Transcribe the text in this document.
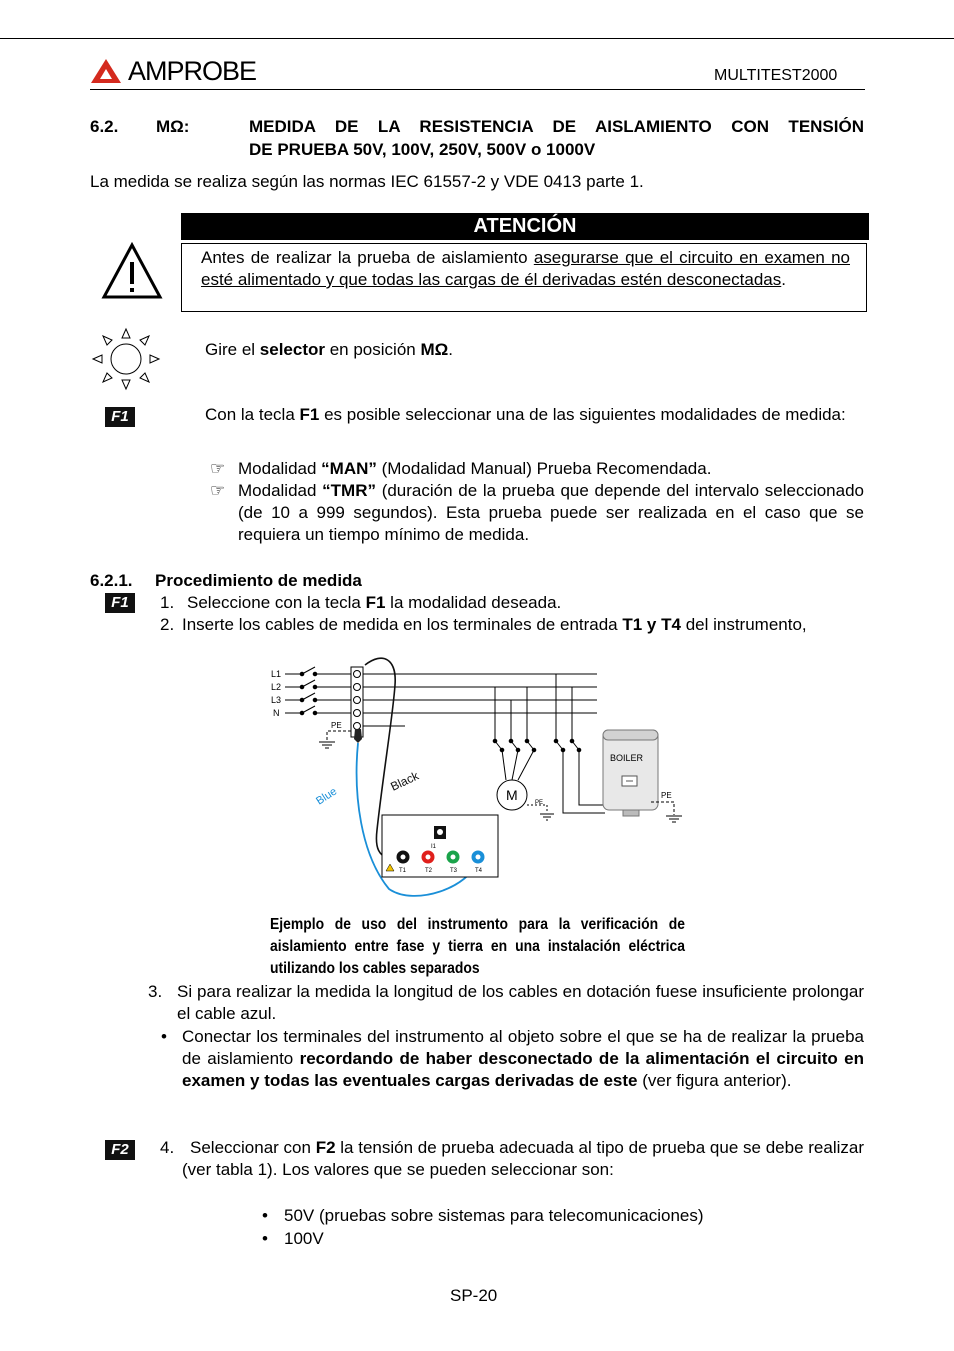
AMPROBE	MULTITEST2000
6.2. MΩ:	MEDIDA DE LA RESISTENCIA DE AISLAMIENTO CON TENSIÓN
DE PRUEBA 50V, 100V, 250V, 500V o 1000V
La medida se realiza según las normas IEC 61557-2 y VDE 0413 parte 1.
ATENCIÓN
Antes de realizar la prueba de aislamiento asegurarse que el circuito en examen no esté alimentado y que todas las cargas de él derivadas estén desconectadas.
Gire el selector en posición MΩ.
F1	Con la tecla F1 es posible seleccionar una de las siguientes modalidades de medida:
☞ Modalidad “MAN” (Modalidad Manual) Prueba Recomendada.
☞ Modalidad “TMR” (duración de la prueba que depende del intervalo seleccionado (de 10 a 999 segundos). Esta prueba puede ser realizada en el caso que se requiera un tiempo mínimo de medida.
6.2.1. Procedimiento de medida
F1	1. Seleccione con la tecla F1 la modalidad deseada.
2. Inserte los cables de medida en los terminales de entrada T1 y T4 del instrumento,
L1
L2
L3
N
PE
Blue
Black
M	PE
BOILER
PE
I1
T1	T2	T3	T4
Ejemplo de uso del instrumento para la verificación de aislamiento entre fase y tierra en una instalación eléctrica utilizando los cables separados
3. Si para realizar la medida la longitud de los cables en dotación fuese insuficiente prolongar el cable azul.
• Conectar los terminales del instrumento al objeto sobre el que se ha de realizar la prueba de aislamiento recordando de haber desconectado de la alimentación el circuito en examen y todas las eventuales cargas derivadas de este (ver figura anterior).
F2	4. Seleccionar con F2 la tensión de prueba adecuada al tipo de prueba que se debe realizar (ver tabla 1). Los valores que se pueden seleccionar son:
• 50V (pruebas sobre sistemas para telecomunicaciones)
• 100V
SP-20
